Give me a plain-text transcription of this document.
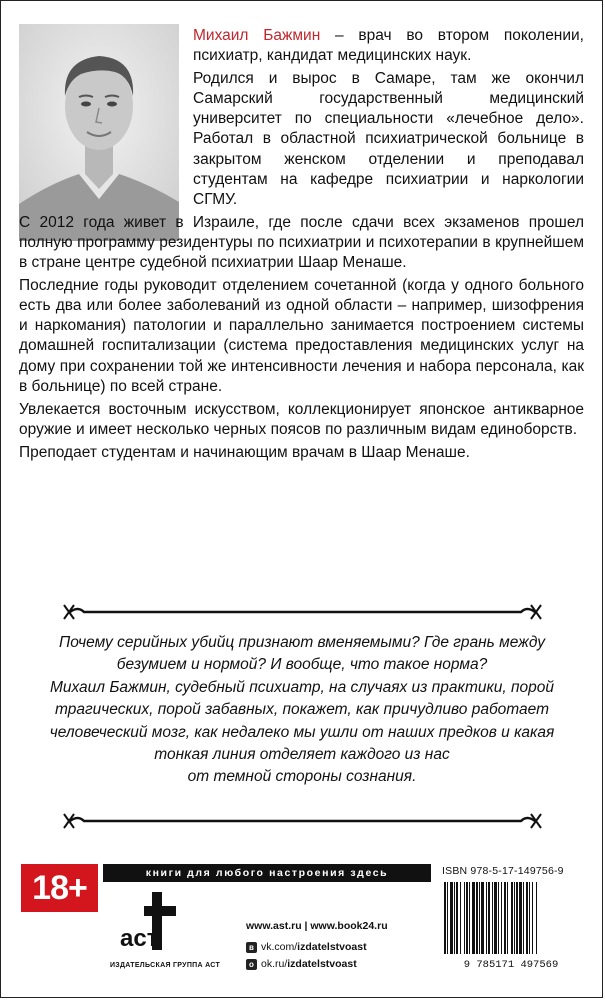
Михаил Бажмин – врач во втором поколении, психиатр, кандидат медицинских наук.

Родился и вырос в Самаре, там же окончил Самарский государственный медицинский университет по специальности «лечебное дело». Работал в областной психиатрической больнице в закрытом женском отделении и преподавал студентам на кафедре психиатрии и наркологии СГМУ.

С 2012 года живет в Израиле, где после сдачи всех экзаменов прошел полную программу резидентуры по психиатрии и психотерапии в крупнейшем в стране центре судебной психиатрии Шаар Менаше.

Последние годы руководит отделением сочетанной (когда у одного больного есть два или более заболеваний из одной области – например, шизофрения и наркомания) патологии и параллельно занимается построением системы домашней госпитализации (система предоставления медицинских услуг на дому при сохранении той же интенсивности лечения и набора персонала, как в больнице) по всей стране.

Увлекается восточным искусством, коллекционирует японское антикварное оружие и имеет несколько черных поясов по различным видам единоборств.

Преподает студентам и начинающим врачам в Шаар Менаше.

Почему серийных убийц признают вменяемыми? Где грань между

безумием и нормой? И вообще, что такое норма?

Михаил Бажмин, судебный психиатр, на случаях из практики, порой

трагических, порой забавных, покажет, как причудливо работает

человеческий мозг, как недалеко мы ушли от наших предков и какая

тонкая линия отделяет каждого из нас

от темной стороны сознания.

18+	книги для любого настроения здесь	ISBN 978-5-17-149756-9
аст
ИЗДАТЕЛЬСКАЯ ГРУППА АСТ
www.ast.ru | www.book24.ru
в vk.com/ izdatelstvoast
о ok.ru/ izdatelstvoast	9 785171 497569
